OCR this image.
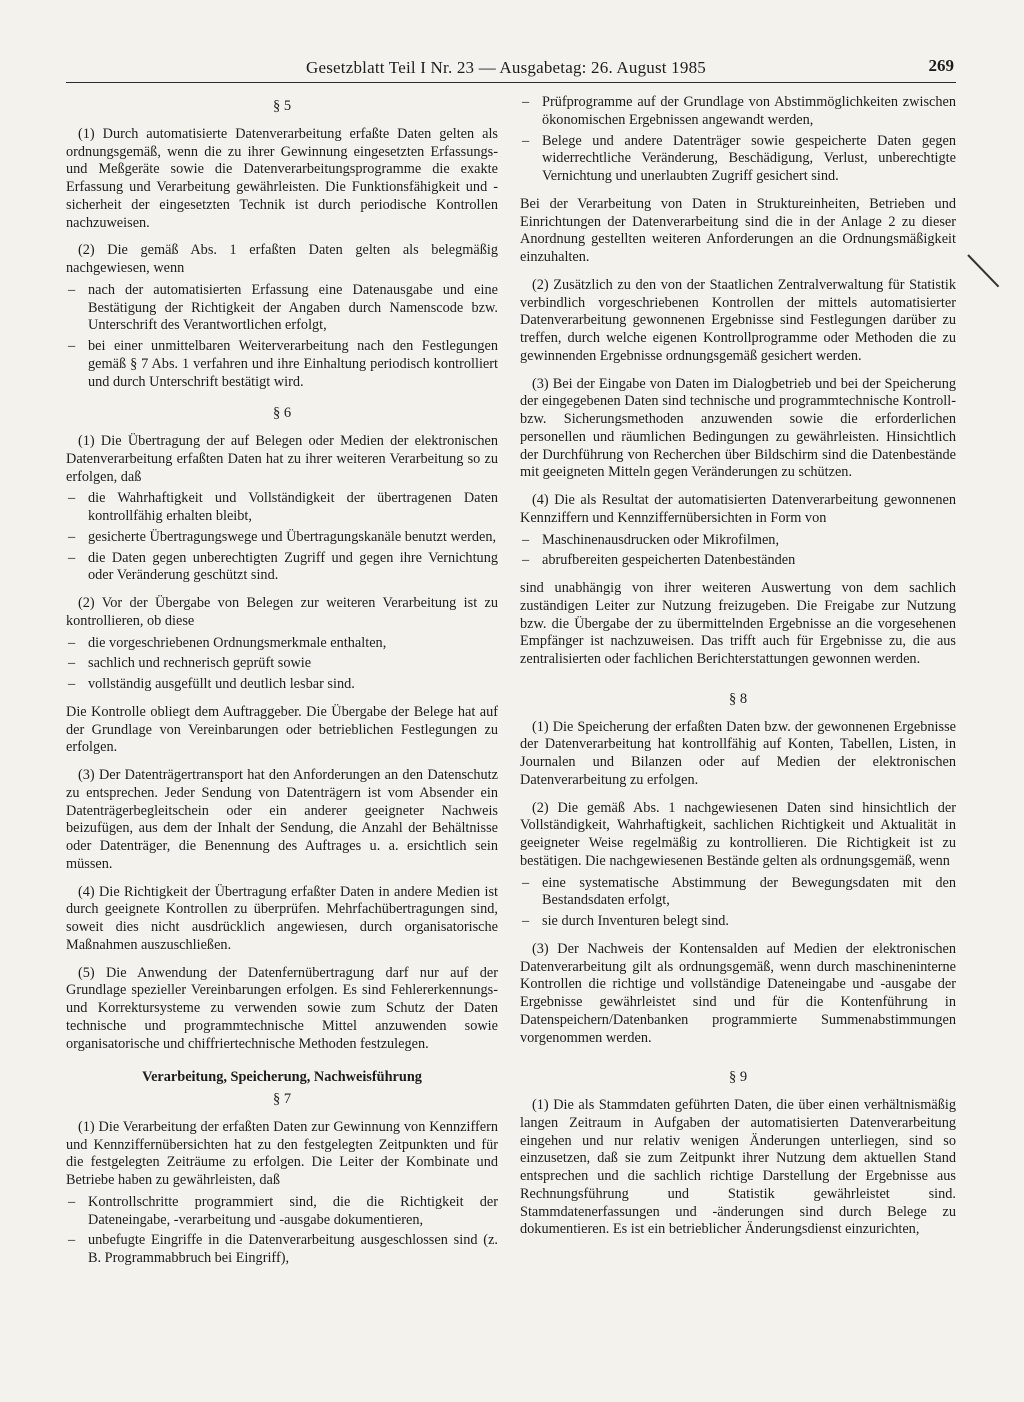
Gesetzblatt Teil I Nr. 23 — Ausgabetag: 26. August 1985	269
§ 5

(1) Durch automatisierte Datenverarbeitung erfaßte Daten gelten als ordnungsgemäß, wenn die zu ihrer Gewinnung eingesetzten Erfassungs- und Meßgeräte sowie die Datenverarbeitungsprogramme die exakte Erfassung und Verarbeitung gewährleisten. Die Funktionsfähigkeit und -sicherheit der eingesetzten Technik ist durch periodische Kontrollen nachzuweisen.

(2) Die gemäß Abs. 1 erfaßten Daten gelten als belegmäßig nachgewiesen, wenn

– nach der automatisierten Erfassung eine Datenausgabe und eine Bestätigung der Richtigkeit der Angaben durch Namenscode bzw. Unterschrift des Verantwortlichen erfolgt,
– bei einer unmittelbaren Weiterverarbeitung nach den Festlegungen gemäß § 7 Abs. 1 verfahren und ihre Einhaltung periodisch kontrolliert und durch Unterschrift bestätigt wird.
§ 6

(1) Die Übertragung der auf Belegen oder Medien der elektronischen Datenverarbeitung erfaßten Daten hat zu ihrer weiteren Verarbeitung so zu erfolgen, daß

– die Wahrhaftigkeit und Vollständigkeit der übertragenen Daten kontrollfähig erhalten bleibt,
– gesicherte Übertragungswege und Übertragungskanäle benutzt werden,
– die Daten gegen unberechtigten Zugriff und gegen ihre Vernichtung oder Veränderung geschützt sind.

(2) Vor der Übergabe von Belegen zur weiteren Verarbeitung ist zu kontrollieren, ob diese

– die vorgeschriebenen Ordnungsmerkmale enthalten,
– sachlich und rechnerisch geprüft sowie
– vollständig ausgefüllt und deutlich lesbar sind.

Die Kontrolle obliegt dem Auftraggeber. Die Übergabe der Belege hat auf der Grundlage von Vereinbarungen oder betrieblichen Festlegungen zu erfolgen.

(3) Der Datenträgertransport hat den Anforderungen an den Datenschutz zu entsprechen. Jeder Sendung von Datenträgern ist vom Absender ein Datenträgerbegleitschein oder ein anderer geeigneter Nachweis beizufügen, aus dem der Inhalt der Sendung, die Anzahl der Behältnisse oder Datenträger, die Benennung des Auftrages u. a. ersichtlich sein müssen.

(4) Die Richtigkeit der Übertragung erfaßter Daten in andere Medien ist durch geeignete Kontrollen zu überprüfen. Mehrfachübertragungen sind, soweit dies nicht ausdrücklich angewiesen, durch organisatorische Maßnahmen auszuschließen.

(5) Die Anwendung der Datenfernübertragung darf nur auf der Grundlage spezieller Vereinbarungen erfolgen. Es sind Fehlererkennungs- und Korrektursysteme zu verwenden sowie zum Schutz der Daten technische und programmtechnische Mittel anzuwenden sowie organisatorische und chiffriertechnische Methoden festzulegen.

Verarbeitung, Speicherung, Nachweisführung
§ 7

(1) Die Verarbeitung der erfaßten Daten zur Gewinnung von Kennziffern und Kennziffernübersichten hat zu den festgelegten Zeitpunkten und für die festgelegten Zeiträume zu erfolgen. Die Leiter der Kombinate und Betriebe haben zu gewährleisten, daß

– Kontrollschritte programmiert sind, die die Richtigkeit der Dateneingabe, -verarbeitung und -ausgabe dokumentieren,
– unbefugte Eingriffe in die Datenverarbeitung ausgeschlossen sind (z. B. Programmabbruch bei Eingriff),
– Prüfprogramme auf der Grundlage von Abstimmöglichkeiten zwischen ökonomischen Ergebnissen angewandt werden,
– Belege und andere Datenträger sowie gespeicherte Daten gegen widerrechtliche Veränderung, Beschädigung, Verlust, unberechtigte Vernichtung und unerlaubten Zugriff gesichert sind.

Bei der Verarbeitung von Daten in Struktureinheiten, Betrieben und Einrichtungen der Datenverarbeitung sind die in der Anlage 2 zu dieser Anordnung gestellten weiteren Anforderungen an die Ordnungsmäßigkeit einzuhalten.

(2) Zusätzlich zu den von der Staatlichen Zentralverwaltung für Statistik verbindlich vorgeschriebenen Kontrollen der mittels automatisierter Datenverarbeitung gewonnenen Ergebnisse sind Festlegungen darüber zu treffen, durch welche eigenen Kontrollprogramme oder Methoden die zu gewinnenden Ergebnisse ordnungsgemäß gesichert werden.

(3) Bei der Eingabe von Daten im Dialogbetrieb und bei der Speicherung der eingegebenen Daten sind technische und programmtechnische Kontroll- bzw. Sicherungsmethoden anzuwenden sowie die erforderlichen personellen und räumlichen Bedingungen zu gewährleisten. Hinsichtlich der Durchführung von Recherchen über Bildschirm sind die Datenbestände mit geeigneten Mitteln gegen Veränderungen zu schützen.

(4) Die als Resultat der automatisierten Datenverarbeitung gewonnenen Kennziffern und Kennziffernübersichten in Form von

– Maschinenausdrucken oder Mikrofilmen,
– abrufbereiten gespeicherten Datenbeständen

sind unabhängig von ihrer weiteren Auswertung von dem sachlich zuständigen Leiter zur Nutzung freizugeben. Die Freigabe zur Nutzung bzw. die Übergabe der zu übermittelnden Ergebnisse an die vorgesehenen Empfänger ist nachzuweisen. Das trifft auch für Ergebnisse zu, die aus zentralisierten oder fachlichen Berichterstattungen gewonnen werden.

§ 8

(1) Die Speicherung der erfaßten Daten bzw. der gewonnenen Ergebnisse der Datenverarbeitung hat kontrollfähig auf Konten, Tabellen, Listen, in Journalen und Bilanzen oder auf Medien der elektronischen Datenverarbeitung zu erfolgen.

(2) Die gemäß Abs. 1 nachgewiesenen Daten sind hinsichtlich der Vollständigkeit, Wahrhaftigkeit, sachlichen Richtigkeit und Aktualität in geeigneter Weise regelmäßig zu kontrollieren. Die Richtigkeit ist zu bestätigen. Die nachgewiesenen Bestände gelten als ordnungsgemäß, wenn

– eine systematische Abstimmung der Bewegungsdaten mit den Bestandsdaten erfolgt,
– sie durch Inventuren belegt sind.

(3) Der Nachweis der Kontensalden auf Medien der elektronischen Datenverarbeitung gilt als ordnungsgemäß, wenn durch maschineninterne Kontrollen die richtige und vollständige Dateneingabe und -ausgabe der Ergebnisse gewährleistet sind und für die Kontenführung in Datenspeichern/Datenbanken programmierte Summenabstimmungen vorgenommen werden.

§ 9

(1) Die als Stammdaten geführten Daten, die über einen verhältnismäßig langen Zeitraum in Aufgaben der automatisierten Datenverarbeitung eingehen und nur relativ wenigen Änderungen unterliegen, sind so einzusetzen, daß sie zum Zeitpunkt ihrer Nutzung dem aktuellen Stand entsprechen und die sachlich richtige Darstellung der Ergebnisse aus Rechnungsführung und Statistik gewährleistet sind. Stammdatenerfassungen und -änderungen sind durch Belege zu dokumentieren. Es ist ein betrieblicher Änderungsdienst einzurichten,
